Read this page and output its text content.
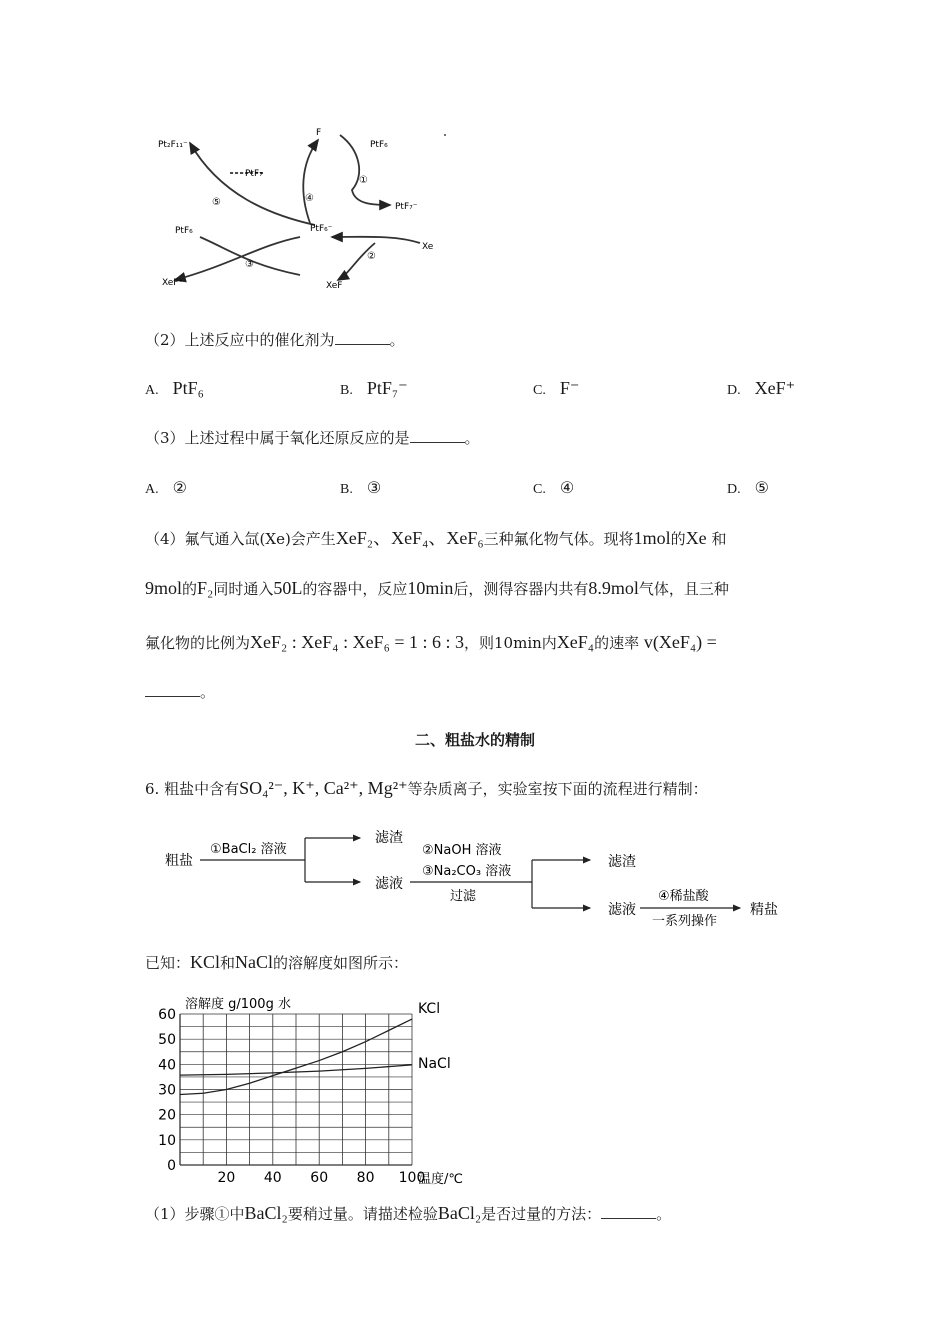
Pt₂F₁₁⁻
F
PtF₆
PtF₇
PtF₇⁻
PtF₆	PtF₆⁻
Xe
XeF⁺	XeF
①
②
③
④
⑤
（2）上述反应中的催化剂为	。
A. PtF₆	B. PtF₇⁻	C. F⁻	D. XeF⁺
（3）上述过程中属于氧化还原反应的是	。
A. ②	B. ③	C. ④	D. ⑤
（4）氟气通入氙(Xe)会产生XeF₂、XeF₄、XeF₆三种氟化物气体。现将1mol的Xe 和
9mol的F₂同时通入50L的容器中，反应10min后，测得容器内共有8.9mol气体，且三种
氟化物的比例为XeF₂ : XeF₄ : XeF₆ = 1 : 6 : 3，则10min内XeF₄的速率 v(XeF₄) =
。
二、粗盐水的精制
6. 粗盐中含有SO₄²⁻, K⁺, Ca²⁺, Mg²⁺等杂质离子，实验室按下面的流程进行精制：
粗盐
①BaCl₂ 溶液
滤渣
滤液
②NaOH 溶液
③Na₂CO₃ 溶液
过滤
滤渣
滤液
④稀盐酸
一系列操作
精盐
已知：KCl和NaCl的溶解度如图所示：
溶解度 g/100g 水
温度/℃
0
10
20
30
40
50
60
20 40 60 80 100
KCl
NaCl
（1）步骤①中BaCl₂要稍过量。请描述检验BaCl₂是否过量的方法：	。
